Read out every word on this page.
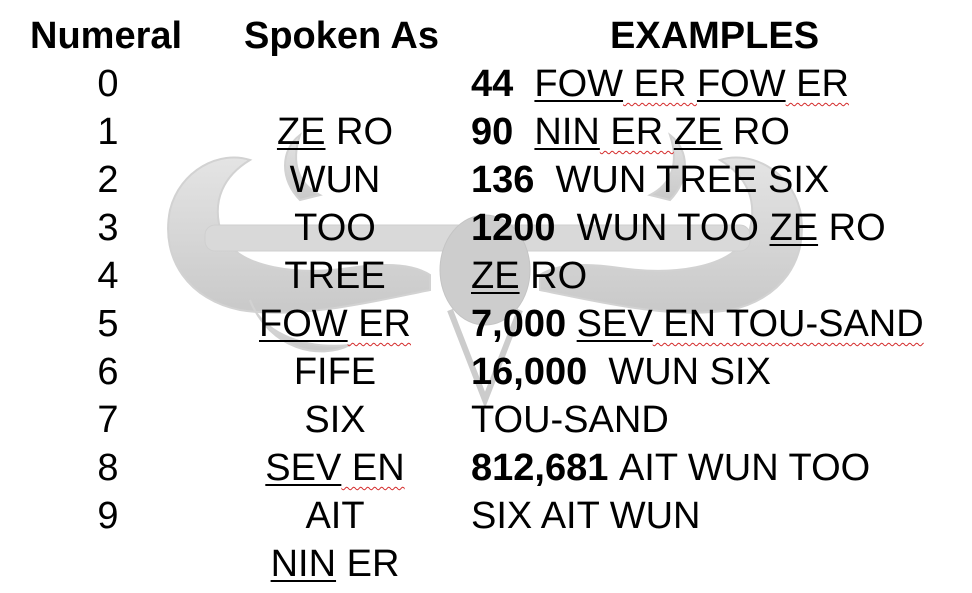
Numeral Spoken As	EXAMPLES
0
1
2
3
4
5
6
7
8
9
ZE RO
WUN
TOO
TREE
FOW ER
FIFE
SIX
SEV EN
AIT
NIN ER
44 FOW ER FOW ER
90 NIN ER ZE RO
136 WUN TREE SIX
1200 WUN TOO ZE RO
ZE RO
7,000 SEV EN TOU-SAND
16,000 WUN SIX
TOU-SAND
812,681 AIT WUN TOO
SIX AIT WUN
